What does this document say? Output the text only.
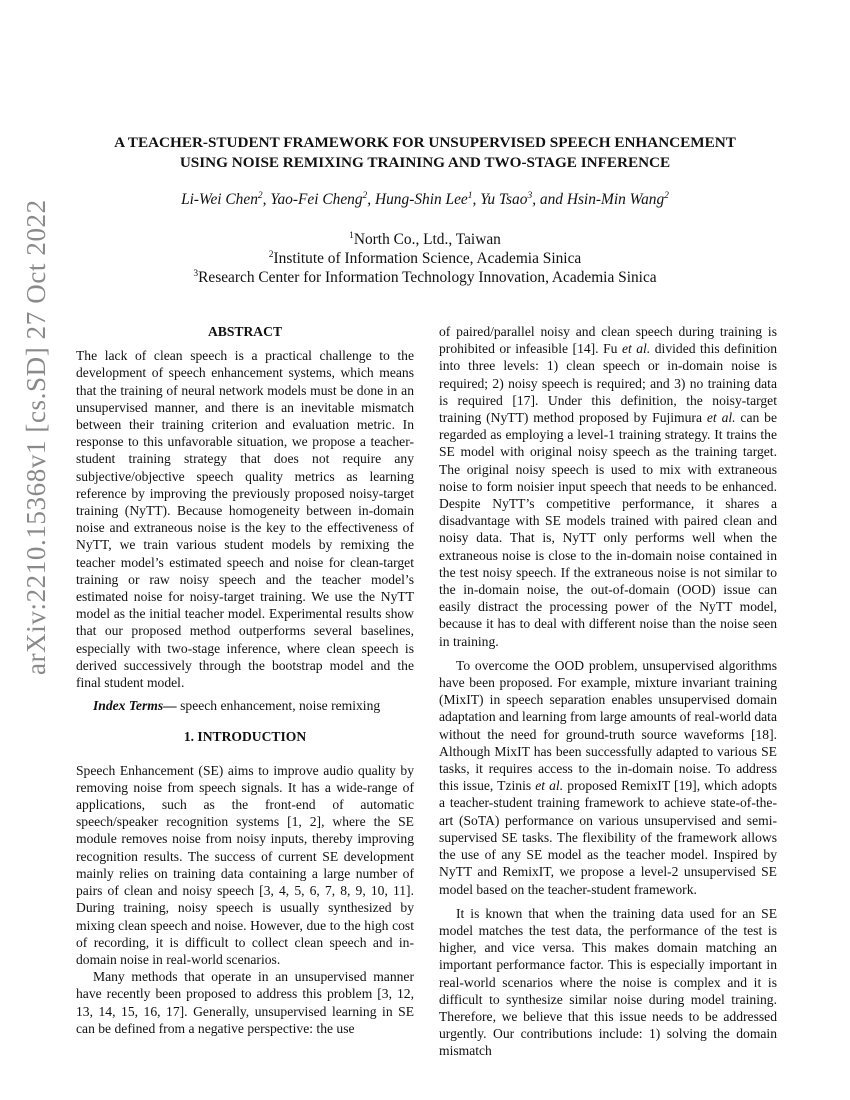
arXiv:2210.15368v1 [cs.SD] 27 Oct 2022
A TEACHER-STUDENT FRAMEWORK FOR UNSUPERVISED SPEECH ENHANCEMENT
USING NOISE REMIXING TRAINING AND TWO-STAGE INFERENCE
Li-Wei Chen$^2$, Yao-Fei Cheng$^2$, Hung-Shin Lee$^1$, Yu Tsao$^3$, and Hsin-Min Wang$^2$
$^1$North Co., Ltd., Taiwan
$^2$Institute of Information Science, Academia Sinica
$^3$Research Center for Information Technology Innovation, Academia Sinica
ABSTRACT

The lack of clean speech is a practical challenge to the development of speech enhancement systems, which means that the training of neural network models must be done in an unsupervised manner, and there is an inevitable mismatch between their training criterion and evaluation metric. In response to this unfavorable situation, we propose a teacher-student training strategy that does not require any subjective/objective speech quality metrics as learning reference by improving the previously proposed noisy-target training (NyTT). Because homogeneity between in-domain noise and extraneous noise is the key to the effectiveness of NyTT, we train various student models by remixing the teacher model’s estimated speech and noise for clean-target training or raw noisy speech and the teacher model’s estimated noise for noisy-target training. We use the NyTT model as the initial teacher model. Experimental results show that our proposed method outperforms several baselines, especially with two-stage inference, where clean speech is derived successively through the bootstrap model and the final student model.

Index Terms— speech enhancement, noise remixing

1. INTRODUCTION

Speech Enhancement (SE) aims to improve audio quality by removing noise from speech signals. It has a wide-range of applications, such as the front-end of automatic speech/speaker recognition systems [1, 2], where the SE module removes noise from noisy inputs, thereby improving recognition results. The success of current SE development mainly relies on training data containing a large number of pairs of clean and noisy speech [3, 4, 5, 6, 7, 8, 9, 10, 11]. During training, noisy speech is usually synthesized by mixing clean speech and noise. However, due to the high cost of recording, it is difficult to collect clean speech and in-domain noise in real-world scenarios.

Many methods that operate in an unsupervised manner have recently been proposed to address this problem [3, 12, 13, 14, 15, 16, 17]. Generally, unsupervised learning in SE can be defined from a negative perspective: the use

of paired/parallel noisy and clean speech during training is prohibited or infeasible [14]. Fu et al. divided this definition into three levels: 1) clean speech or in-domain noise is required; 2) noisy speech is required; and 3) no training data is required [17]. Under this definition, the noisy-target training (NyTT) method proposed by Fujimura et al. can be regarded as employing a level-1 training strategy. It trains the SE model with original noisy speech as the training target. The original noisy speech is used to mix with extraneous noise to form noisier input speech that needs to be enhanced. Despite NyTT’s competitive performance, it shares a disadvantage with SE models trained with paired clean and noisy data. That is, NyTT only performs well when the extraneous noise is close to the in-domain noise contained in the test noisy speech. If the extraneous noise is not similar to the in-domain noise, the out-of-domain (OOD) issue can easily distract the processing power of the NyTT model, because it has to deal with different noise than the noise seen in training.

To overcome the OOD problem, unsupervised algorithms have been proposed. For example, mixture invariant training (MixIT) in speech separation enables unsupervised domain adaptation and learning from large amounts of real-world data without the need for ground-truth source waveforms [18]. Although MixIT has been successfully adapted to various SE tasks, it requires access to the in-domain noise. To address this issue, Tzinis et al. proposed RemixIT [19], which adopts a teacher-student training framework to achieve state-of-the-art (SoTA) performance on various unsupervised and semi-supervised SE tasks. The flexibility of the framework allows the use of any SE model as the teacher model. Inspired by NyTT and RemixIT, we propose a level-2 unsupervised SE model based on the teacher-student framework.

It is known that when the training data used for an SE model matches the test data, the performance of the test is higher, and vice versa. This makes domain matching an important performance factor. This is especially important in real-world scenarios where the noise is complex and it is difficult to synthesize similar noise during model training. Therefore, we believe that this issue needs to be addressed urgently. Our contributions include: 1) solving the domain mismatch
